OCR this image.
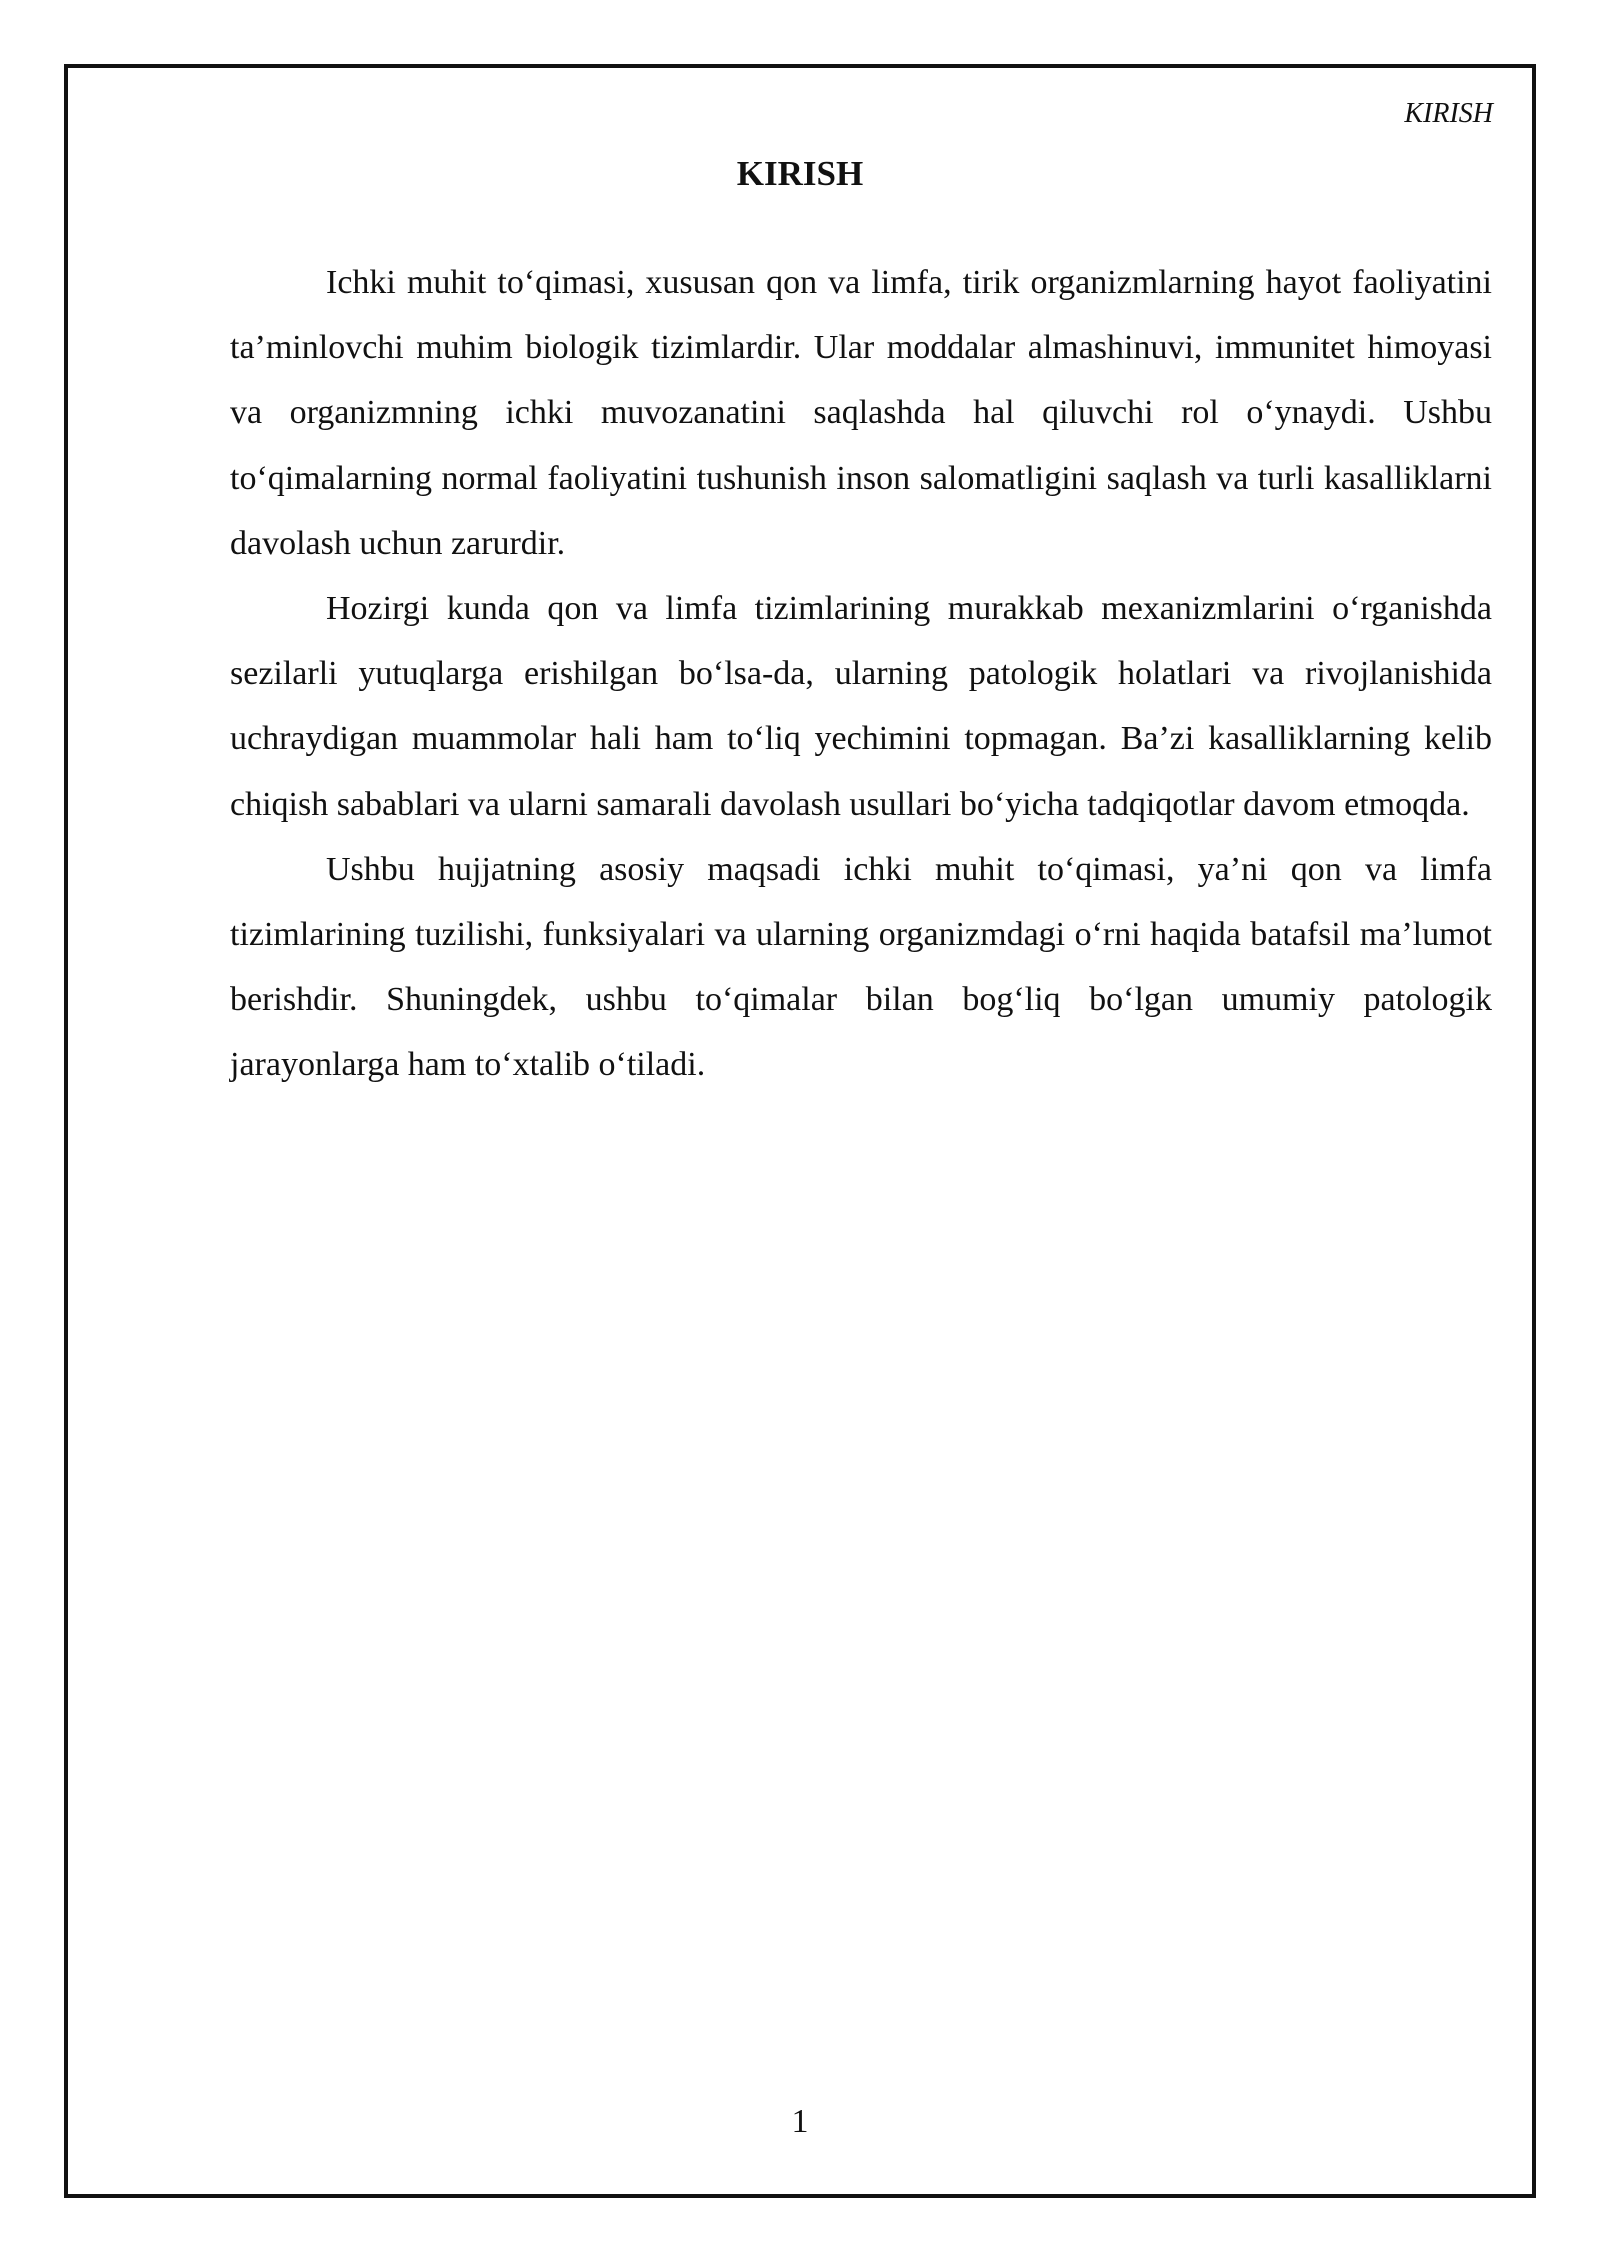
KIRISH
KIRISH

Ichki muhit to‘qimasi, xususan qon va limfa, tirik organizmlarning hayot faoliyatini ta’minlovchi muhim biologik tizimlardir. Ular moddalar almashinuvi, immunitet himoyasi va organizmning ichki muvozanatini saqlashda hal qiluvchi rol o‘ynaydi. Ushbu to‘qimalarning normal faoliyatini tushunish inson salomatligini saqlash va turli kasalliklarni davolash uchun zarurdir.

Hozirgi kunda qon va limfa tizimlarining murakkab mexanizmlarini o‘rganishda sezilarli yutuqlarga erishilgan bo‘lsa-da, ularning patologik holatlari va rivojlanishida uchraydigan muammolar hali ham to‘liq yechimini topmagan. Ba’zi kasalliklarning kelib chiqish sabablari va ularni samarali davolash usullari bo‘yicha tadqiqotlar davom etmoqda.

Ushbu hujjatning asosiy maqsadi ichki muhit to‘qimasi, ya’ni qon va limfa tizimlarining tuzilishi, funksiyalari va ularning organizmdagi o‘rni haqida batafsil ma’lumot berishdir. Shuningdek, ushbu to‘qimalar bilan bog‘liq bo‘lgan umumiy patologik jarayonlarga ham to‘xtalib o‘tiladi.

1
